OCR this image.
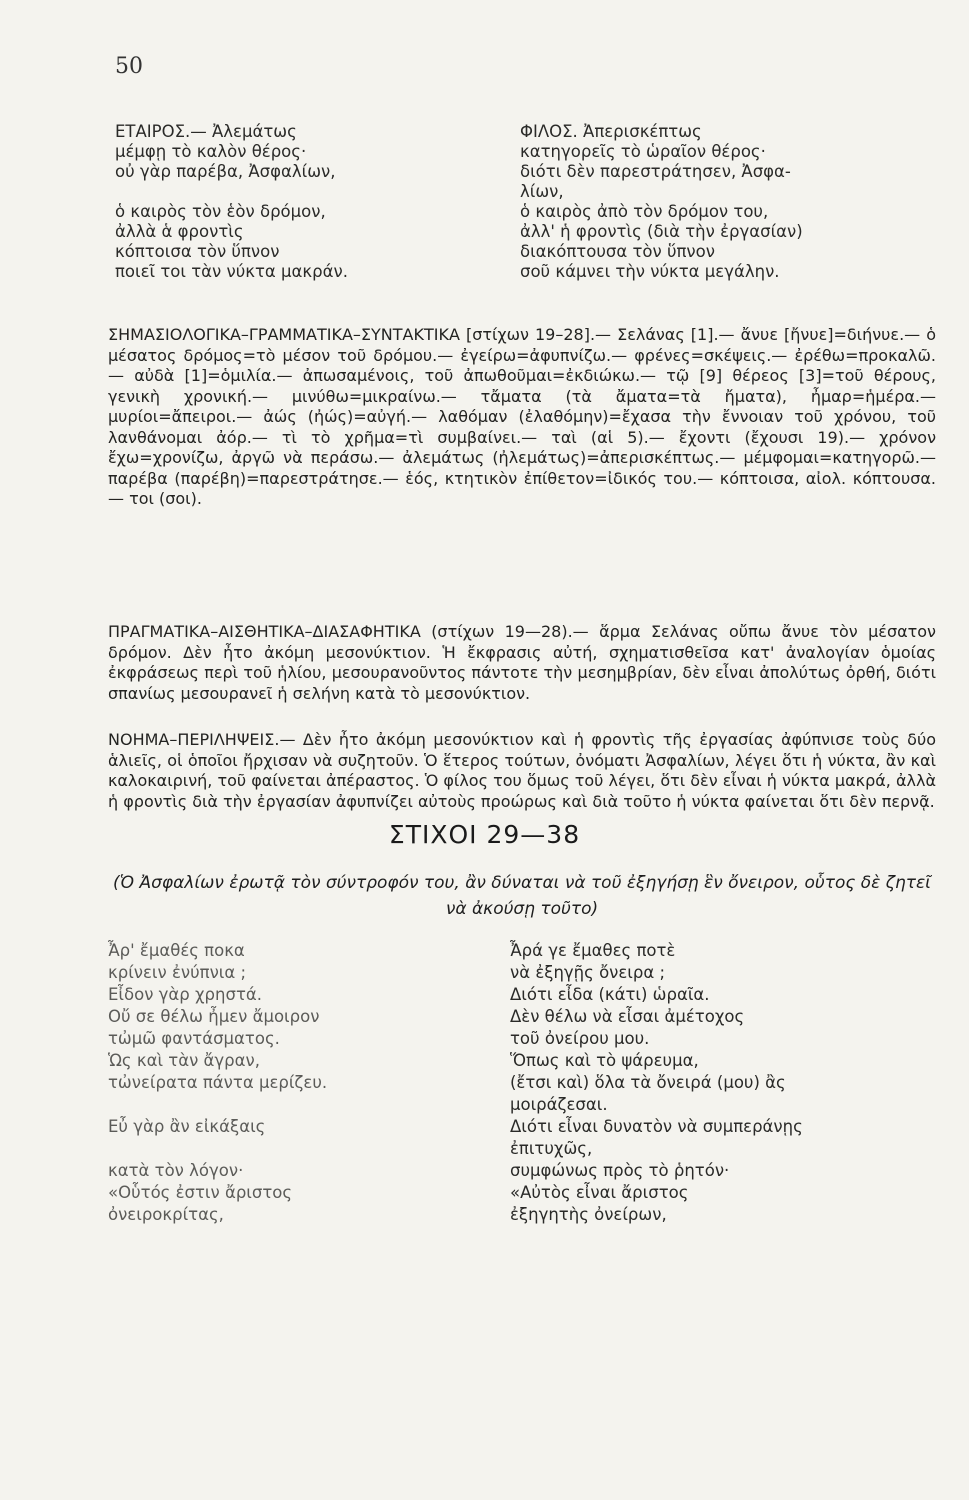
50
ΕΤΑΙΡΟΣ.— Ἀλεμάτως
μέμφῃ τὸ καλὸν θέρος·
οὐ γὰρ παρέβα, Ἀσφαλίων,
ὁ καιρὸς τὸν ἑὸν δρόμον,
ἀλλὰ ἁ φροντὶς
κόπτοισα τὸν ὕπνον
ποιεῖ τοι τὰν νύκτα μακράν.
ΦΙΛΟΣ. Ἀπερισκέπτως
κατηγορεῖς τὸ ὡραῖον θέρος·
διότι δὲν παρεστράτησεν, Ἀσφα-
λίων,
ὁ καιρὸς ἀπὸ τὸν δρόμον του,
ἀλλ' ἡ φροντὶς (διὰ τὴν ἐργασίαν)
διακόπτουσα τὸν ὕπνον
σοῦ κάμνει τὴν νύκτα μεγάλην.
ΣΗΜΑΣΙΟΛΟΓΙΚΑ–ΓΡΑΜΜΑΤΙΚΑ–ΣΥΝΤΑΚΤΙΚΑ [στίχων 19–28].— Σελάνας [1].— ἄνυε [ἤνυε]=διήνυε.— ὁ μέσατος δρόμος=τὸ μέσον τοῦ δρόμου.— ἐγείρω=ἀφυπνίζω.— φρένες=σκέψεις.— ἐρέθω=προκαλῶ.— αὐδὰ [1]=ὁμιλία.— ἀπωσαμένοις, τοῦ ἀπωθοῦμαι=ἐκδιώκω.— τῷ [9] θέρεος [3]=τοῦ θέρους, γενικὴ χρονική.— μινύθω=μικραίνω.— τἄματα (τὰ ἄματα=τὰ ἤματα), ἦμαρ=ἡμέρα.— μυρίοι=ἄπειροι.— ἀώς (ἠώς)=αὐγή.— λαθόμαν (ἐλαθόμην)=ἔχασα τὴν ἔννοιαν τοῦ χρόνου, τοῦ λανθάνομαι ἀόρ.— τὶ τὸ χρῆμα=τὶ συμβαίνει.— ταὶ (αἱ 5).— ἔχοντι (ἔχουσι 19).— χρόνον ἔχω=χρονίζω, ἀργῶ νὰ περάσω.— ἀλεμάτως (ἠλεμάτως)=ἀπερισκέπτως.— μέμφομαι=κατηγορῶ.— παρέβα (παρέβη)=παρεστράτησε.— ἑός, κτητικὸν ἐπίθετον=ἰδικός του.— κόπτοισα, αἰολ. κόπτουσα.— τοι (σοι).
ΠΡΑΓΜΑΤΙΚΑ–ΑΙΣΘΗΤΙΚΑ–ΔΙΑΣΑΦΗΤΙΚΑ (στίχων 19—28).— ἅρμα Σελάνας οὔπω ἄνυε τὸν μέσατον δρόμον. Δὲν ἦτο ἀκόμη μεσονύκτιον. Ἡ ἔκφρασις αὐτή, σχηματισθεῖσα κατ' ἀναλογίαν ὁμοίας ἐκφράσεως περὶ τοῦ ἡλίου, μεσουρανοῦντος πάντοτε τὴν μεσημβρίαν, δὲν εἶναι ἀπολύτως ὀρθή, διότι σπανίως μεσουρανεῖ ἡ σελήνη κατὰ τὸ μεσονύκτιον.
ΝΟΗΜΑ–ΠΕΡΙΛΗΨΕΙΣ.— Δὲν ἦτο ἀκόμη μεσονύκτιον καὶ ἡ φροντὶς τῆς ἐργασίας ἀφύπνισε τοὺς δύο ἁλιεῖς, οἱ ὁποῖοι ἤρχισαν νὰ συζητοῦν. Ὁ ἕτερος τούτων, ὀνόματι Ἀσφαλίων, λέγει ὅτι ἡ νύκτα, ἂν καὶ καλοκαιρινή, τοῦ φαίνεται ἀπέραστος. Ὁ φίλος του ὅμως τοῦ λέγει, ὅτι δὲν εἶναι ἡ νύκτα μακρά, ἀλλὰ ἡ φροντὶς διὰ τὴν ἐργασίαν ἀφυπνίζει αὐτοὺς προώρως καὶ διὰ τοῦτο ἡ νύκτα φαίνεται ὅτι δὲν περνᾷ.
ΣΤΙΧΟΙ 29—38
(Ὁ Ἀσφαλίων ἐρωτᾷ τὸν σύντροφόν του, ἂν δύναται νὰ τοῦ ἐξηγήσῃ ἓν ὄνειρον, οὗτος δὲ ζητεῖ νὰ ἀκούσῃ τοῦτο)
Ἆρ' ἔμαθές ποκα
κρίνειν ἐνύπνια ;
Εἶδον γὰρ χρηστά.
Οὔ σε θέλω ἦμεν ἄμοιρον
τὠμῶ φαντάσματος.
Ὡς καὶ τὰν ἄγραν,
τὠνείρατα πάντα μερίζευ.
Εὖ γὰρ ἂν εἰκάξαις
κατὰ τὸν λόγον·
«Οὗτός ἐστιν ἄριστος
ὀνειροκρίτας,
Ἆρά γε ἔμαθες ποτὲ
νὰ ἐξηγῇς ὄνειρα ;
Διότι εἶδα (κάτι) ὡραῖα.
Δὲν θέλω νὰ εἶσαι ἀμέτοχος
τοῦ ὀνείρου μου.
Ὅπως καὶ τὸ ψάρευμα,
(ἔτσι καὶ) ὅλα τὰ ὄνειρά (μου) ἂς
μοιράζεσαι.
Διότι εἶναι δυνατὸν νὰ συμπεράνῃς
ἐπιτυχῶς,
συμφώνως πρὸς τὸ ῥητόν·
«Αὐτὸς εἶναι ἄριστος
ἐξηγητὴς ὀνείρων,
